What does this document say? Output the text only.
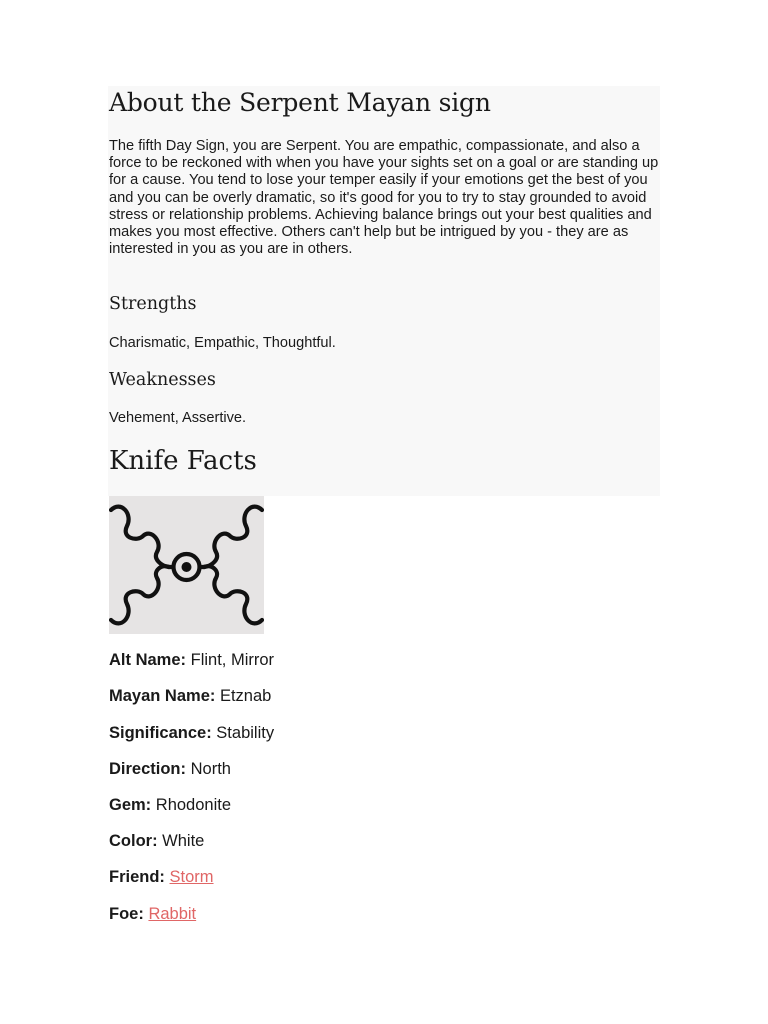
About the Serpent Mayan sign

The fifth Day Sign, you are Serpent. You are empathic, compassionate, and also a force to be reckoned with when you have your sights set on a goal or are standing up for a cause. You tend to lose your temper easily if your emotions get the best of you and you can be overly dramatic, so it's good for you to try to stay grounded to avoid stress or relationship problems. Achieving balance brings out your best qualities and makes you most effective. Others can't help but be intrigued by you - they are as interested in you as you are in others.

Strengths

Charismatic, Empathic, Thoughtful.

Weaknesses

Vehement, Assertive.

Knife Facts
Alt Name: Flint, Mirror
Mayan Name: Etznab
Significance: Stability
Direction: North
Gem: Rhodonite
Color: White
Friend: Storm
Foe: Rabbit
